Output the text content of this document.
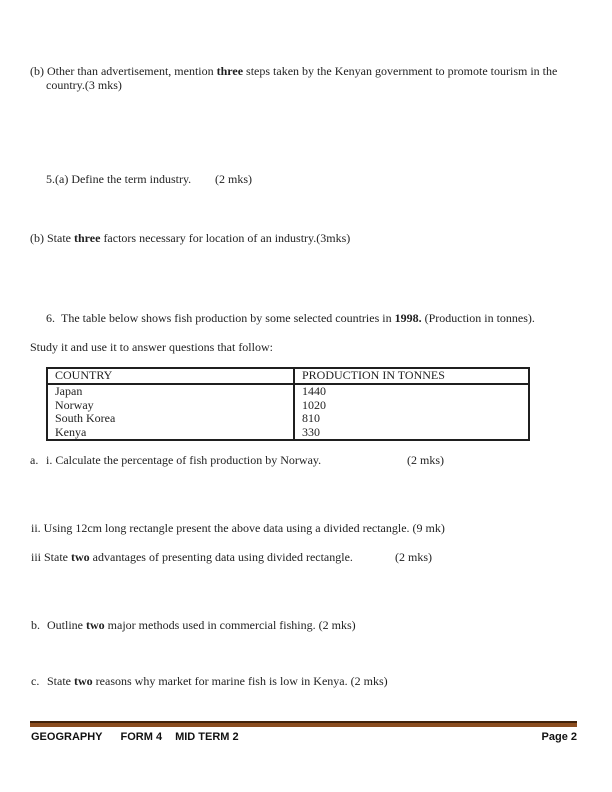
(b) Other than advertisement, mention three steps taken by the Kenyan government to promote tourism in the
country.(3 mks)

5.(a) Define the term industry.

(2 mks)

(b) State three factors necessary for location of an industry.(3mks)

6.

The table below shows fish production by some selected countries in 1998. (Production in tonnes).

Study it and use it to answer questions that follow:
COUNTRY	PRODUCTION IN TONNES
Japan	1440
Norway	1020
South Korea	810
Kenya	330

a.

i. Calculate the percentage of fish production by Norway.

	(2 mks)

ii. Using 12cm long rectangle present the above data using a divided rectangle. (9 mk)

iii State two advantages of presenting data using divided rectangle.

	(2 mks)

b.

Outline two major methods used in commercial fishing. (2 mks)

c.

State two reasons why market for marine fish is low in Kenya. (2 mks)

GEOGRAPHY FORM 4 MID TERM 2	Page 2
